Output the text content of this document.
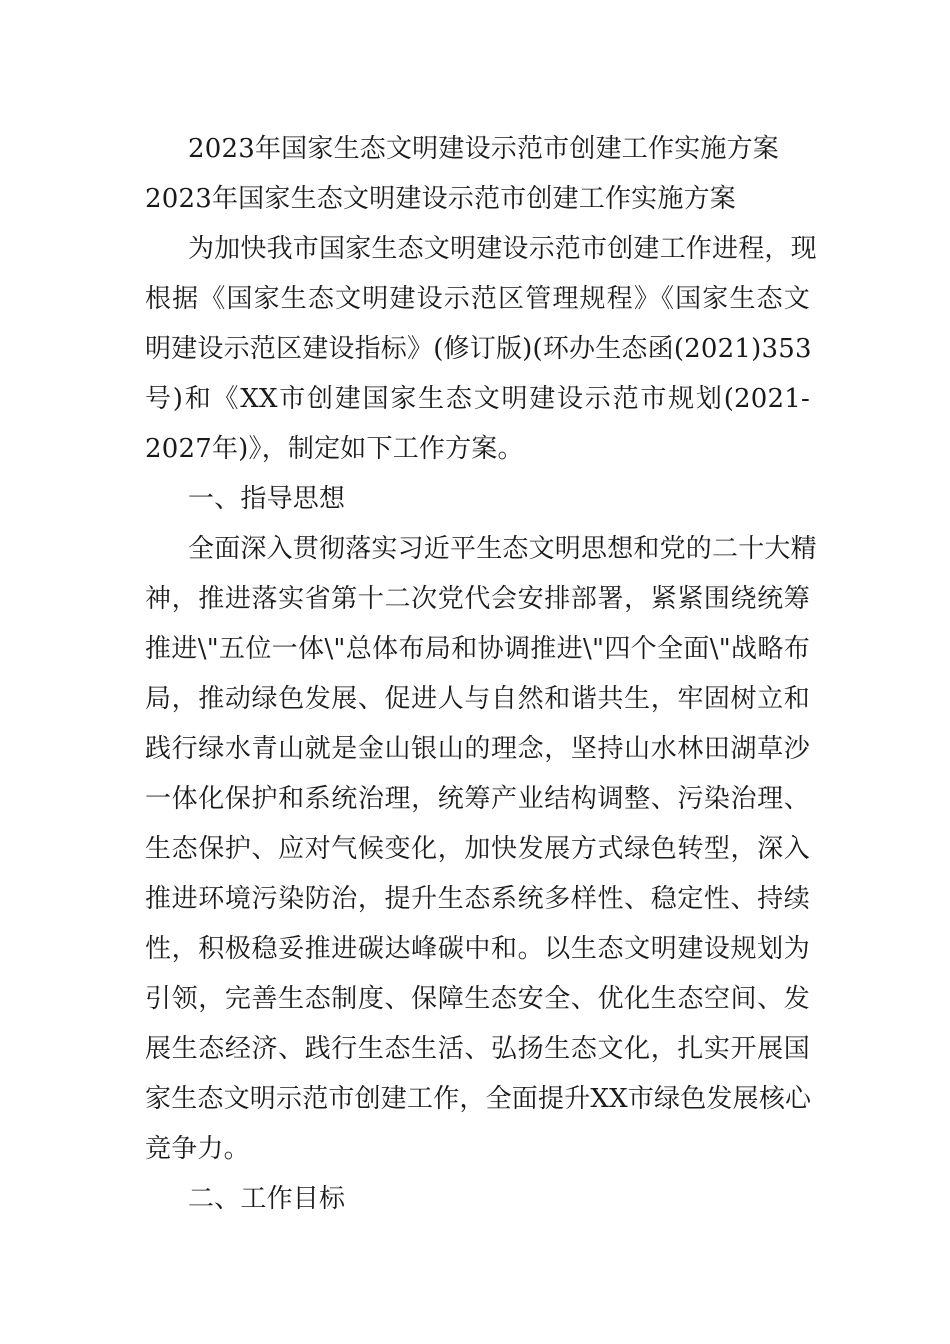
2023年国家生态文明建设示范市创建工作实施方案
2023年国家生态文明建设示范市创建工作实施方案
为加快我市国家生态文明建设示范市创建工作进程，现
根据《国家生态文明建设示范区管理规程》《国家生态文
明建设示范区建设指标》(修订版)(环办生态函(2021)353
号)和《XX市创建国家生态文明建设示范市规划(2021-
2027年)》，制定如下工作方案。
一、指导思想
全面深入贯彻落实习近平生态文明思想和党的二十大精
神，推进落实省第十二次党代会安排部署，紧紧围绕统筹
推进\"五位一体\"总体布局和协调推进\"四个全面\"战略布
局，推动绿色发展、促进人与自然和谐共生，牢固树立和
践行绿水青山就是金山银山的理念，坚持山水林田湖草沙
一体化保护和系统治理，统筹产业结构调整、污染治理、
生态保护、应对气候变化，加快发展方式绿色转型，深入
推进环境污染防治，提升生态系统多样性、稳定性、持续
性，积极稳妥推进碳达峰碳中和。以生态文明建设规划为
引领，完善生态制度、保障生态安全、优化生态空间、发
展生态经济、践行生态生活、弘扬生态文化，扎实开展国
家生态文明示范市创建工作，全面提升XX市绿色发展核心
竞争力。
二、工作目标
